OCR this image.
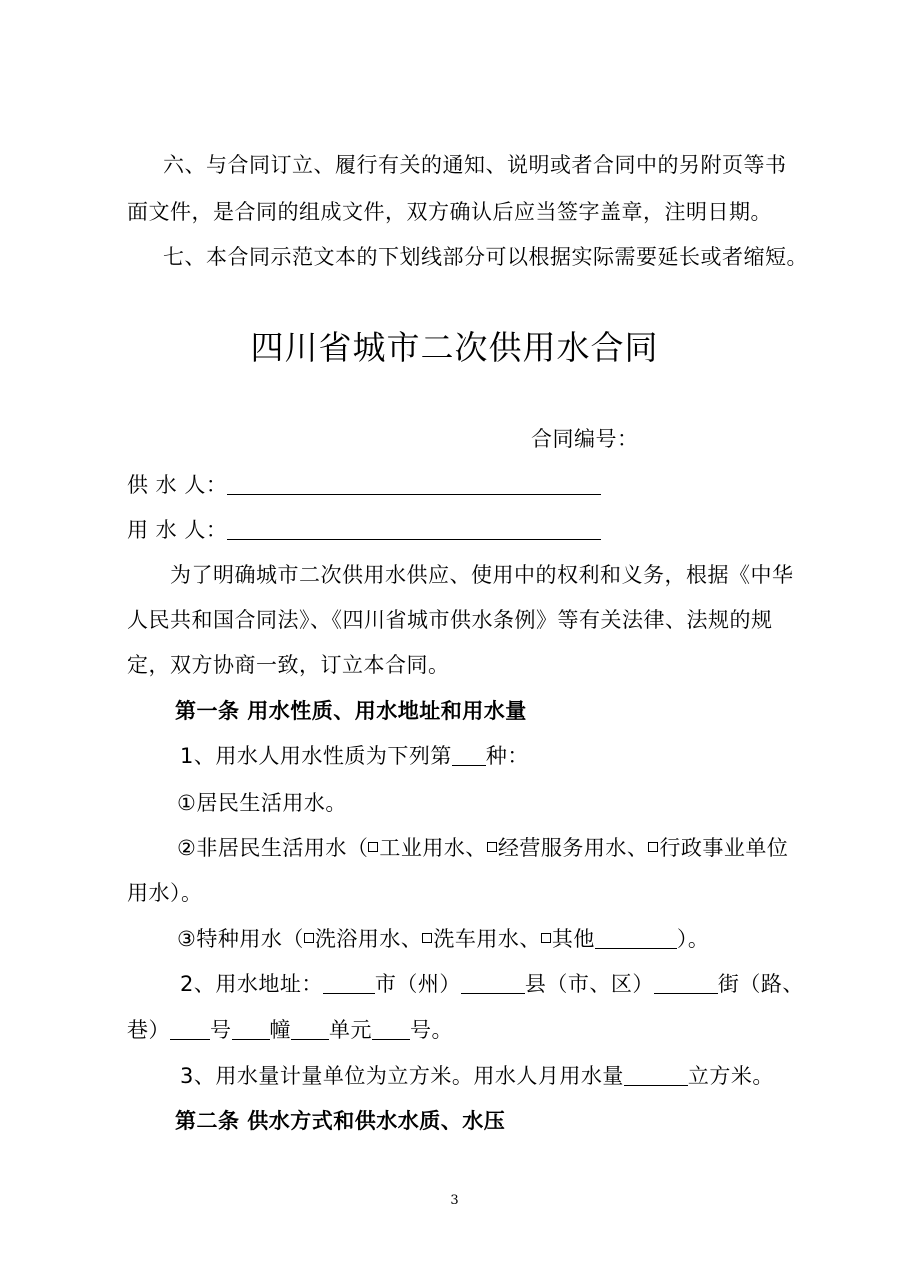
六、与合同订立、履行有关的通知、说明或者合同中的另附页等书
面文件，是合同的组成文件，双方确认后应当签字盖章，注明日期。
七、本合同示范文本的下划线部分可以根据实际需要延长或者缩短。
四川省城市二次供用水合同
合同编号：
供 水 人：
用 水 人：
为了明确城市二次供用水供应、使用中的权利和义务，根据《中华
人民共和国合同法》、《四川省城市供水条例》等有关法律、法规的规
定，双方协商一致，订立本合同。
第一条 用水性质、用水地址和用水量
1、用水人用水性质为下列第 种：
①居民生活用水。
②非居民生活用水（ 工业用水、 经营服务用水、 行政事业单位
用水）。
③特种用水（ 洗浴用水、 洗车用水、 其他	）。
2、用水地址： 市（州）	县（市、区）	街（路、
巷） 号 幢 单元 号。
3、用水量计量单位为立方米。用水人月用水量	立方米。
第二条 供水方式和供水水质、水压
3
